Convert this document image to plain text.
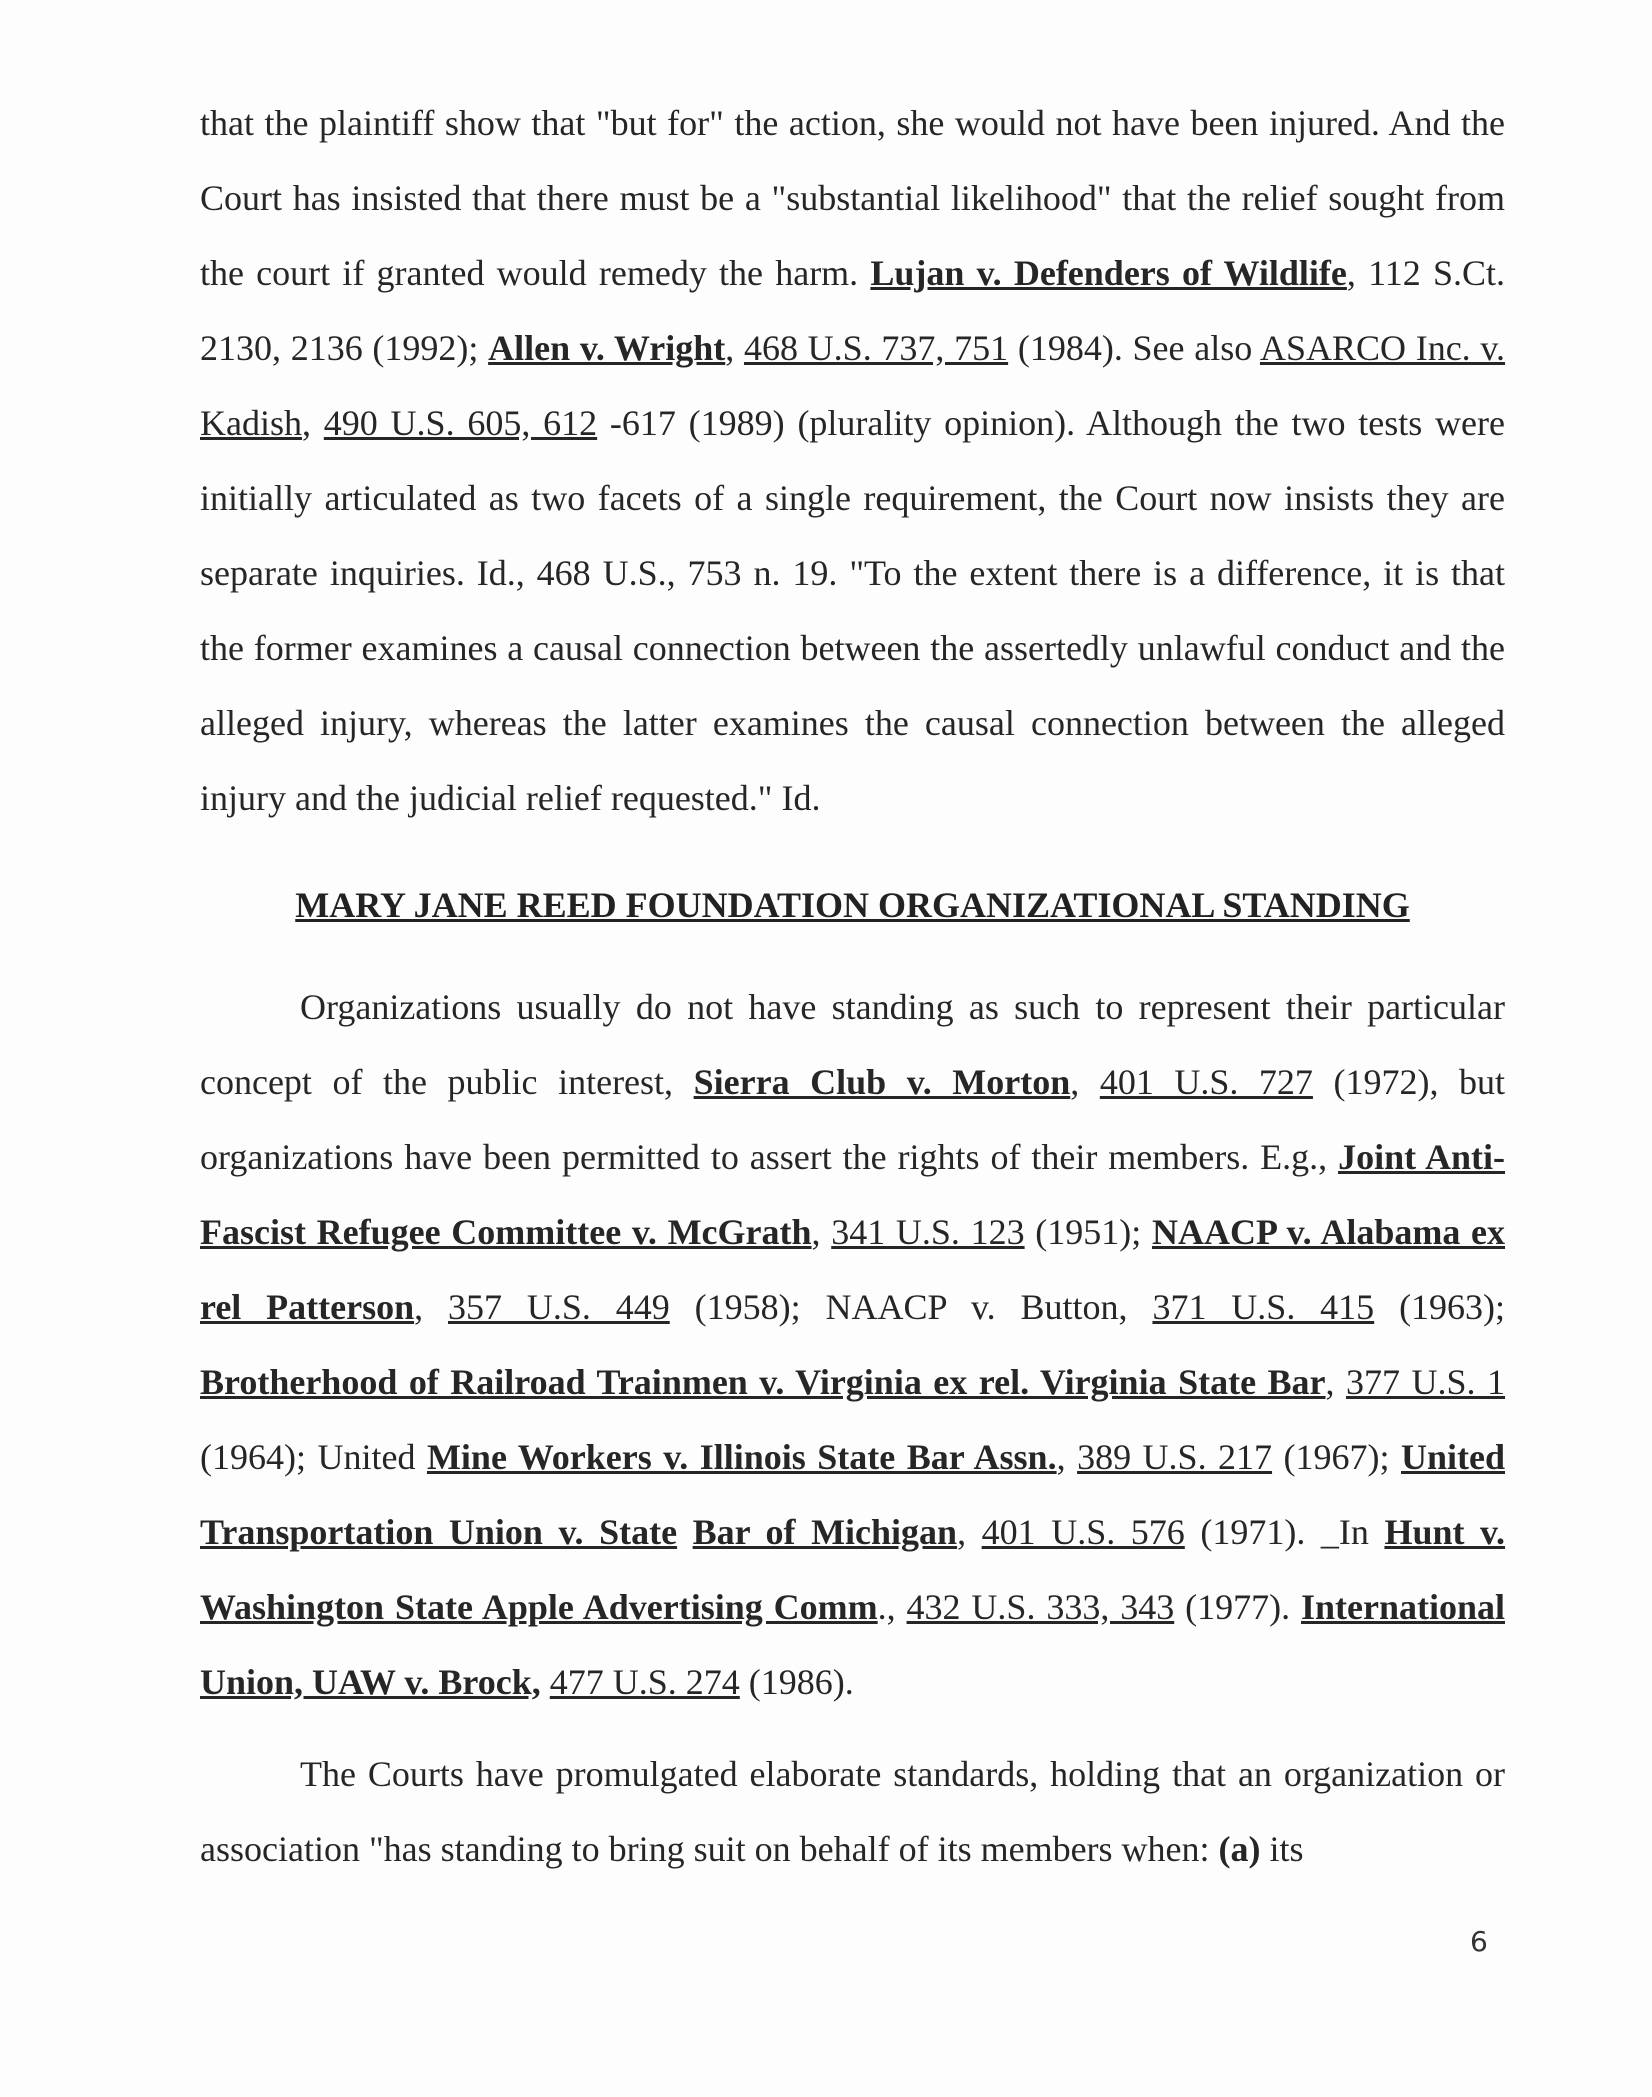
that the plaintiff show that "but for" the action, she would not have been injured. And the Court has insisted that there must be a "substantial likelihood" that the relief sought from the court if granted would remedy the harm. Lujan v. Defenders of Wildlife, 112 S.Ct. 2130, 2136 (1992); Allen v. Wright, 468 U.S. 737, 751 (1984). See also ASARCO Inc. v. Kadish, 490 U.S. 605, 612 -617 (1989) (plurality opinion). Although the two tests were initially articulated as two facets of a single requirement, the Court now insists they are separate inquiries. Id., 468 U.S., 753 n. 19. "To the extent there is a difference, it is that the former examines a causal connection between the assertedly unlawful conduct and the alleged injury, whereas the latter examines the causal connection between the alleged injury and the judicial relief requested." Id.

MARY JANE REED FOUNDATION ORGANIZATIONAL STANDING

Organizations usually do not have standing as such to represent their particular concept of the public interest, Sierra Club v. Morton, 401 U.S. 727 (1972), but organizations have been permitted to assert the rights of their members. E.g., Joint Anti-Fascist Refugee Committee v. McGrath, 341 U.S. 123 (1951); NAACP v. Alabama ex rel Patterson, 357 U.S. 449 (1958); NAACP v. Button, 371 U.S. 415 (1963); Brotherhood of Railroad Trainmen v. Virginia ex rel. Virginia State Bar, 377 U.S. 1 (1964); United Mine Workers v. Illinois State Bar Assn., 389 U.S. 217 (1967); United Transportation Union v. State Bar of Michigan, 401 U.S. 576 (1971). _In Hunt v. Washington State Apple Advertising Comm., 432 U.S. 333, 343 (1977). International Union, UAW v. Brock, 477 U.S. 274 (1986).

The Courts have promulgated elaborate standards, holding that an organization or association "has standing to bring suit on behalf of its members when: (a) its

6
